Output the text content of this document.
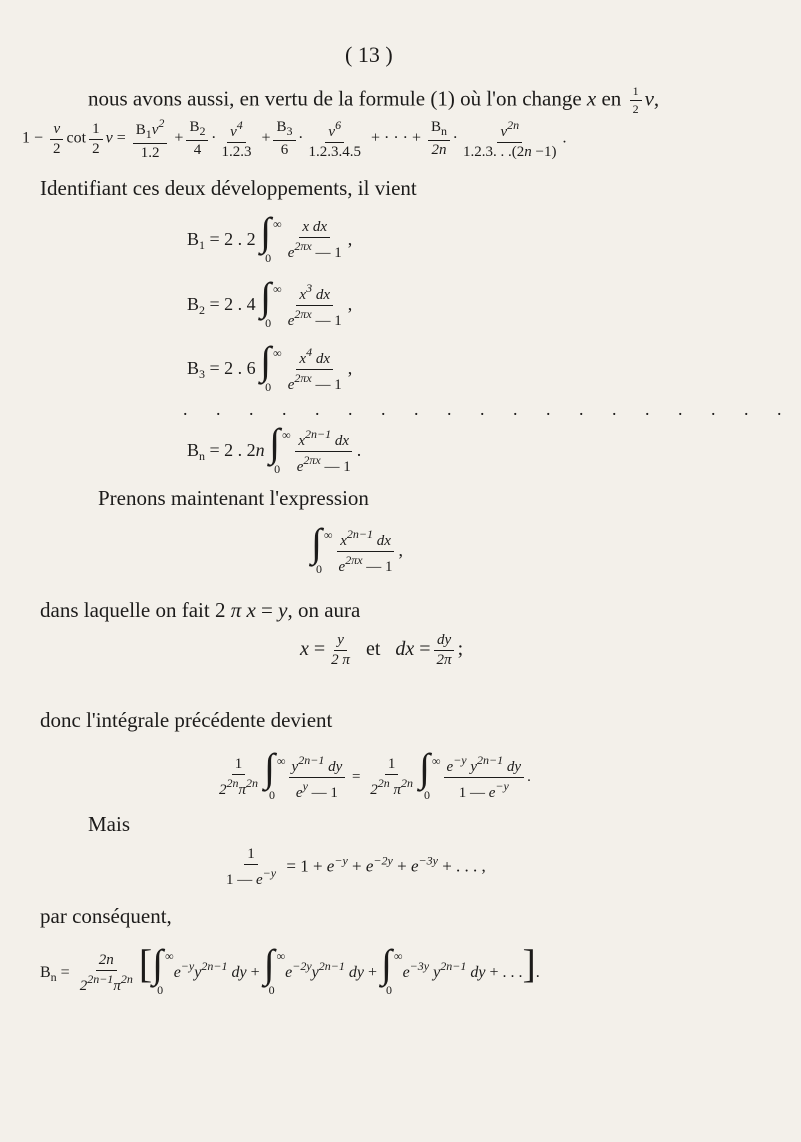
( 13 )
nous avons aussi, en vertu de la formule (1) où l'on change x en $\frac{1}{2} v$,
$1 - \frac{v}{2}$ $\cot \frac{1}{2}$ $v = \frac{B_1v^2}{1.2} + \frac{B_2}{4} \cdot \frac{v^4}{1.2.3} + \frac{B_3}{6} \cdot \frac{v^6}{1.2.3.4.5}$ + · · · + $\frac{B_n}{2n} \cdot \frac{v^{2n}}{1.2.3. . .(2n -1)}$ .
Identifiant ces deux développements, il vient
$B_1 = 2$ . 2 ∫ ∞
$0 \frac{\text{x dx}}{e^{2\pi x} — 1}$ ,
$B_2 = 2$ . 4 ∫ ∞
$0 \frac{x^3 dx}{e^{2\pi x} — 1}$ ,
$B_3 = 2$ . 6 ∫ ∞
$0 \frac{x^4 dx}{e^{2\pi x} — 1}$ ,
. . . . . . . . . . . . . . . . . . .
$B_n = 2$ . 2n ∫ ∞
$0 \frac{x^{2n-1} dx}{e^{2\pi x} — 1}$ .
Prenons maintenant l'expression
∫ ∞
$0 \frac{x^{2n-1} dx}{e^{2\pi x} — 1}$ ,
dans laquelle on fait 2 π x = y, on aura
$x = \frac{y}{2 \pi}$ et dx = $\frac{dy}{2\pi}$ ;
donc l'intégrale précédente devient
$\frac{1}{2^{2n}\pi^{2n}}$ ∫ ∞
$0 \frac{y^{2n-1} dy}{e^y — 1} = \frac{1}{2^{2n} \pi^{2n}}$ ∫ ∞
$0 \frac{e^{-y} y^{2n-1} dy}{1 — e^{-y}}$ .
Mais
$\frac{1}{1 — e^{-y}} = 1 + e^{-y} + e^{-2y} + e^{-3y}$ + . . . ,
par conséquent,
$B_n = \frac{2n}{2^{2n-1}\pi^{2n}}$ [∫ ∞
0
$e^{-y}y^{2n-1}$ dy + ∫ ∞
0
$e^{-2y}y^{2n-1}$ dy + ∫ ∞
0
$e^{-3y}$ $y^{2n-1}$ dy + . . .].
